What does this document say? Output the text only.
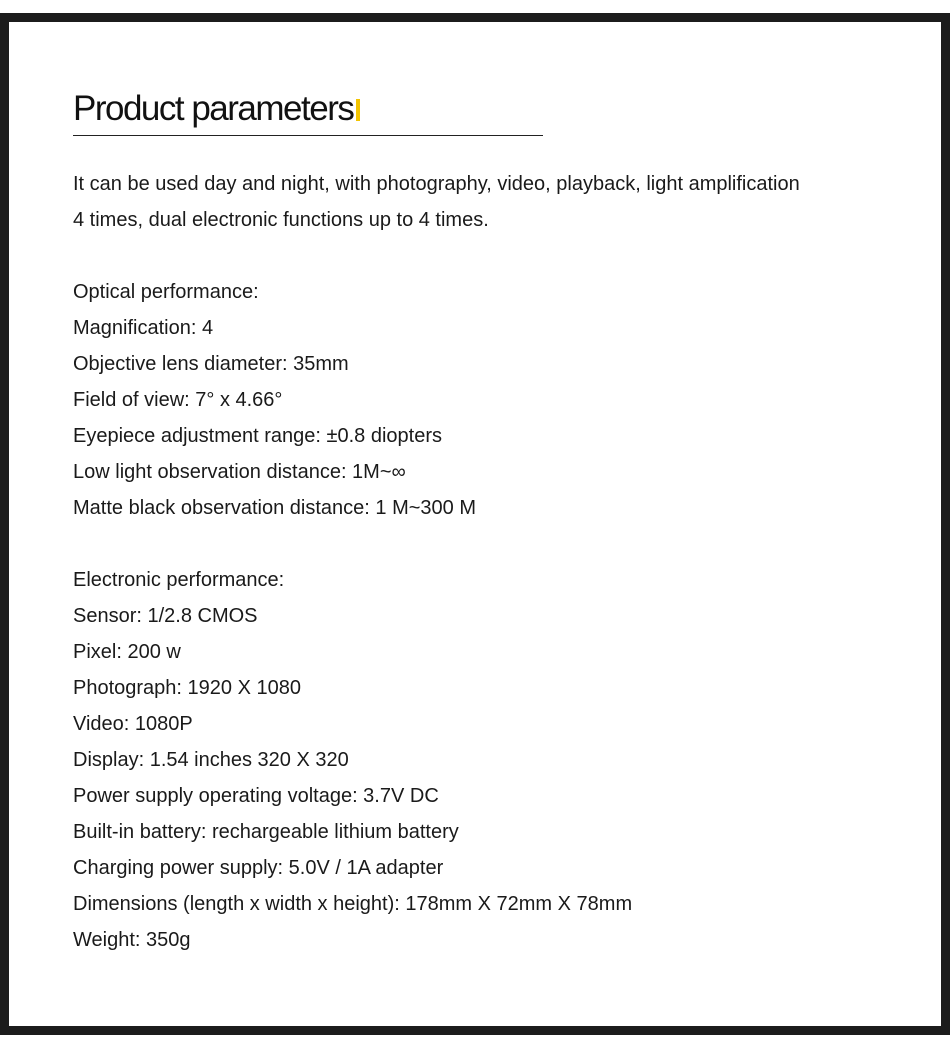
Product parameters
It can be used day and night, with photography, video, playback, light amplification
4 times, dual electronic functions up to 4 times.
Optical performance:
Magnification: 4
Objective lens diameter: 35mm
Field of view: 7° x 4.66°
Eyepiece adjustment range: ±0.8 diopters
Low light observation distance: 1M~∞
Matte black observation distance: 1 M~300 M
Electronic performance:
Sensor: 1/2.8 CMOS
Pixel: 200 w
Photograph: 1920 X 1080
Video: 1080P
Display: 1.54 inches 320 X 320
Power supply operating voltage: 3.7V DC
Built-in battery: rechargeable lithium battery
Charging power supply: 5.0V / 1A adapter
Dimensions (length x width x height): 178mm X 72mm X 78mm
Weight: 350g
